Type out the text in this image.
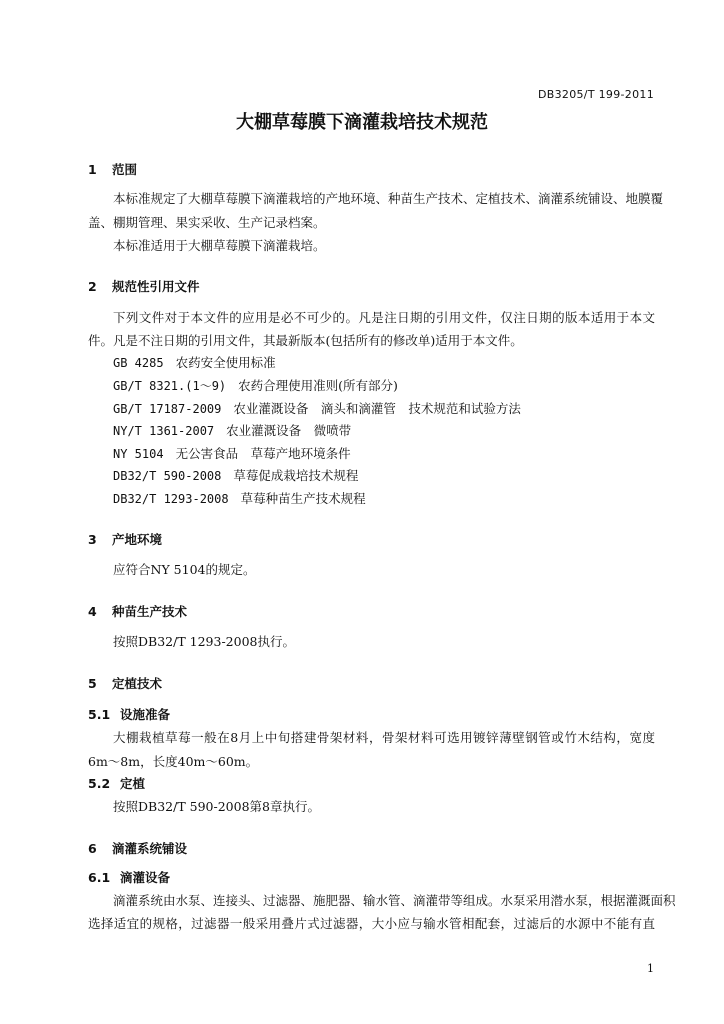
DB3205/T 199-2011
大棚草莓膜下滴灌栽培技术规范
1 范围
本标准规定了大棚草莓膜下滴灌栽培的产地环境、种苗生产技术、定植技术、滴灌系统铺设、地膜覆
盖、棚期管理、果实采收、生产记录档案。
本标准适用于大棚草莓膜下滴灌栽培。
2 规范性引用文件
下列文件对于本文件的应用是必不可少的。凡是注日期的引用文件，仅注日期的版本适用于本文
件。凡是不注日期的引用文件，其最新版本(包括所有的修改单)适用于本文件。
GB 4285 农药安全使用标准
GB/T 8321.(1～9) 农药合理使用准则(所有部分)
GB/T 17187-2009 农业灌溉设备　滴头和滴灌管　技术规范和试验方法
NY/T 1361-2007 农业灌溉设备　微喷带
NY 5104 无公害食品　草莓产地环境条件
DB32/T 590-2008 草莓促成栽培技术规程
DB32/T 1293-2008 草莓种苗生产技术规程
3 产地环境
应符合NY 5104的规定。
4 种苗生产技术
按照DB32/T 1293-2008执行。
5 定植技术
5.1 设施准备
大棚栽植草莓一般在8月上中旬搭建骨架材料，骨架材料可选用镀锌薄壁钢管或竹木结构，宽度
6m～8m，长度40m～60m。
5.2 定植
按照DB32/T 590-2008第8章执行。
6 滴灌系统铺设
6.1 滴灌设备
滴灌系统由水泵、连接头、过滤器、施肥器、输水管、滴灌带等组成。水泵采用潜水泵，根据灌溉面积
选择适宜的规格，过滤器一般采用叠片式过滤器，大小应与输水管相配套，过滤后的水源中不能有直
1
